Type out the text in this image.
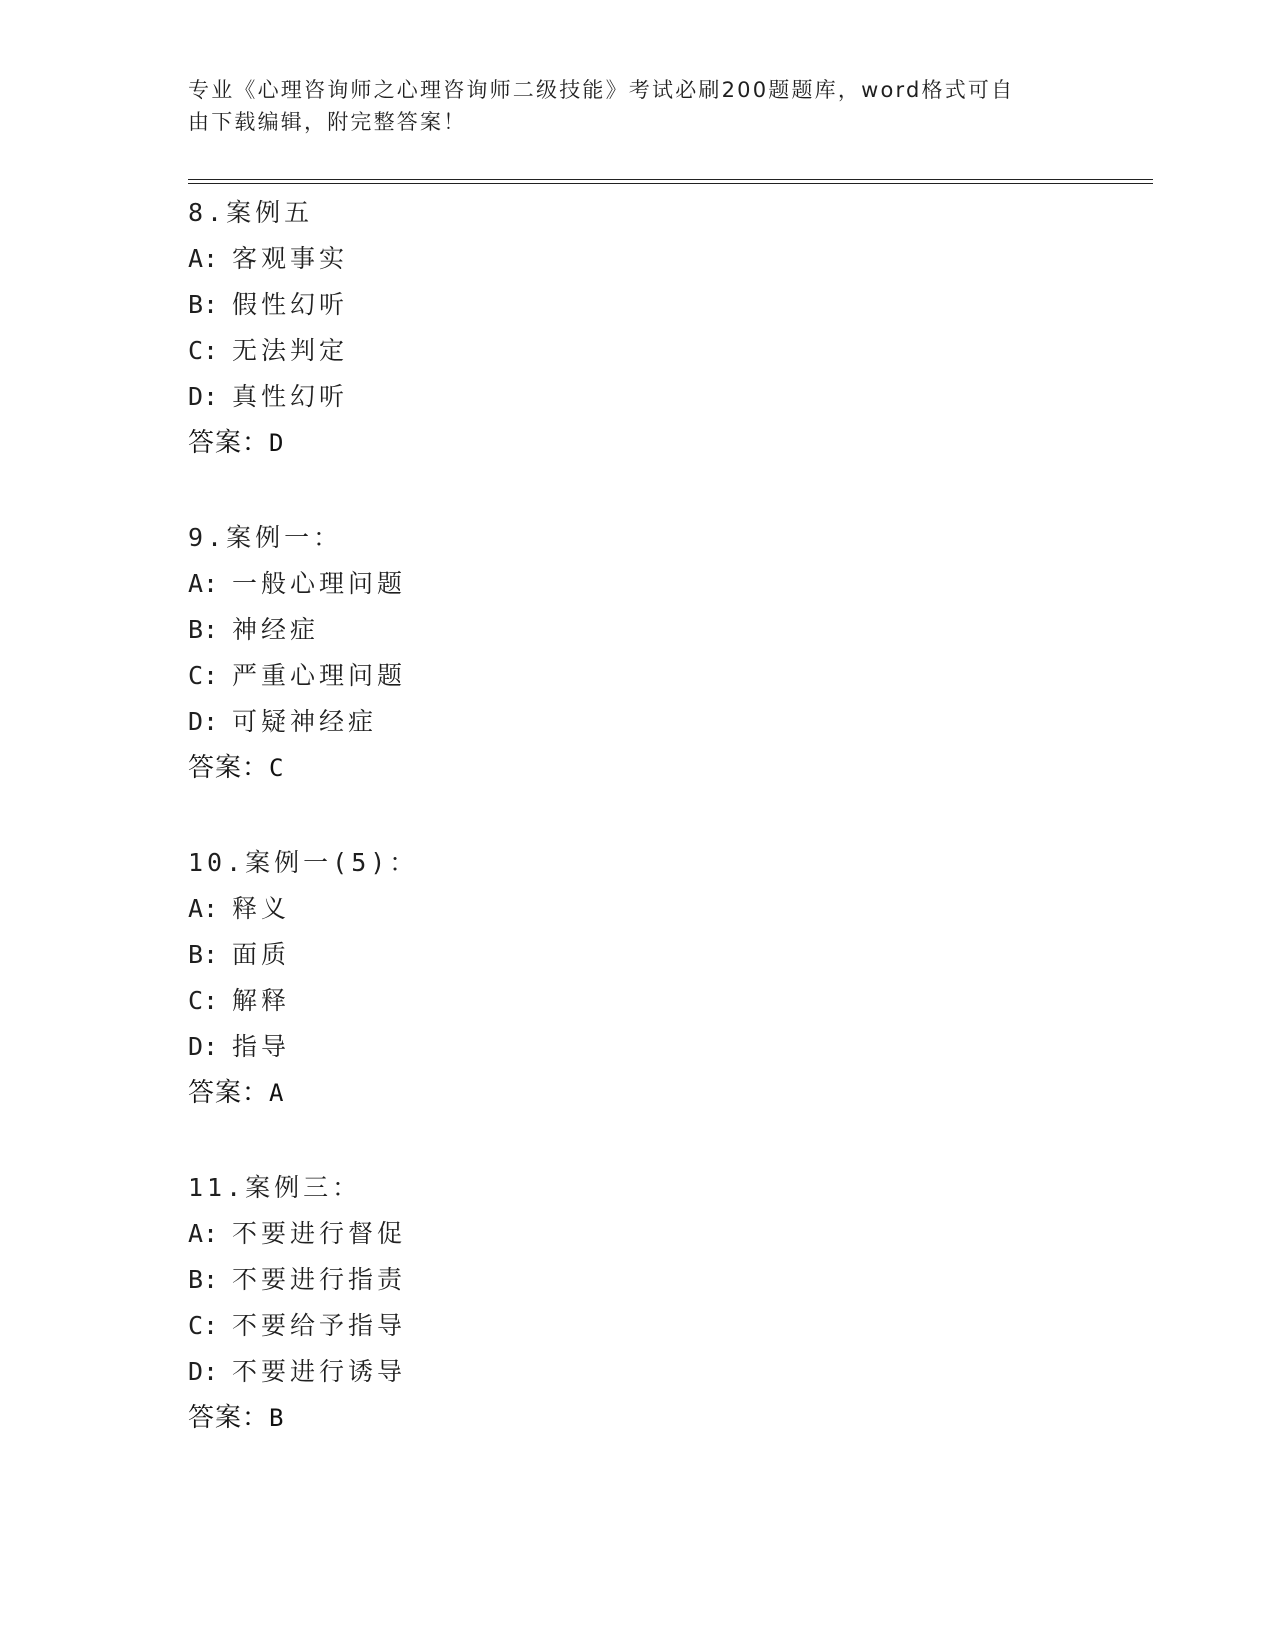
专业《心理咨询师之心理咨询师二级技能》考试必刷200题题库，word格式可自
由下载编辑，附完整答案！
8.案例五
A: 客观事实
B: 假性幻听
C: 无法判定
D: 真性幻听
答案：D
9.案例一：
A: 一般心理问题
B: 神经症
C: 严重心理问题
D: 可疑神经症
答案：C
10.案例一(5)：
A: 释义
B: 面质
C: 解释
D: 指导
答案：A
11.案例三：
A: 不要进行督促
B: 不要进行指责
C: 不要给予指导
D: 不要进行诱导
答案：B
